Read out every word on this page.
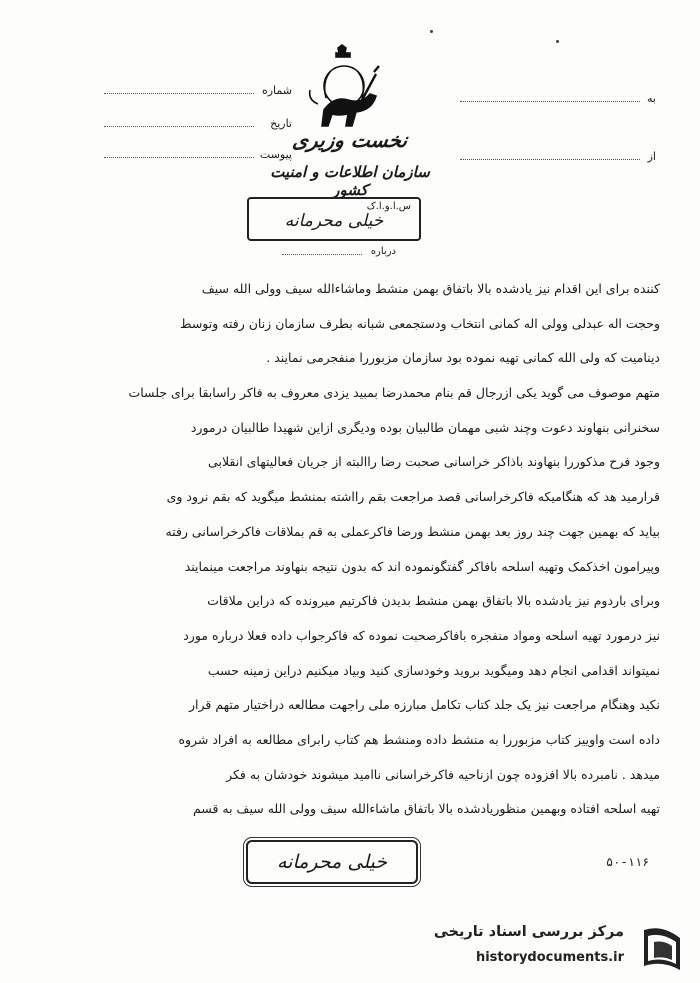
شماره
تاریخ
پیوست
به
از
نخست وزیری
سازمان اطلاعات و امنیت کشور
س.ا.و.ا.ک
خیلی محرمانه
درباره
کننده برای این اقدام نیز یادشده بالا باتفاق بهمن منشط وماشاءالله سیف وولی الله سیف
وحجت اله عبدلی وولی اله کمانی انتخاب ودستجمعی شبانه بطرف سازمان زنان رفته وتوسط
دینامیت که ولی الله کمانی تهیه نموده بود سازمان مزبوررا منفجرمی نمایند .
متهم موصوف می گوید یکی ازرجال قم بنام محمدرضا بمبید یزدی معروف به فاکر راسابقا برای جلسات
سخنرانی بنهاوند دعوت وچند شبی مهمان طالبیان بوده ودیگری ازاین شهیدا طالبیان درمورد
وجود فرح مذکوررا بنهاوند باذاکر خراسانی صحبت رضا راالبته از جریان فعالیتهای انقلابی
قرارمید هد که هنگامیکه فاکرخراسانی قصد مراجعت بقم رااشته بمنشط میگوید که بقم نرود وی
بیاید که بهمین جهت چند روز بعد بهمن منشط ورضا فاکرعملی به قم بملاقات فاکرخراسانی رفته
وپیرامون اخذکمک وتهیه اسلحه بافاکر گفتگونموده اند که بدون نتیجه بنهاوند مراجعت مینمایند
وبرای باردوم نیز یادشده بالا باتفاق بهمن منشط بدیدن فاکرتیم میرونده که دراین ملاقات
نیز درمورد تهیه اسلحه ومواد منفجره بافاکرصحبت نموده که فاکرجواب داده فعلا درباره مورد
نمیتواند اقدامی انجام دهد ومیگوید بروید وخودسازی کنید وبیاد میکنیم دراین زمینه حسب
نکید وهنگام مراجعت نیز یک جلد کتاب تکامل مبارزه ملی راجهت مطالعه دراختیار متهم قرار
داده است واوییز کتاب مزبوررا به منشط داده ومنشط هم کتاب رابرای مطالعه به افراد شروه
میدهد . نامبرده بالا افزوده چون ازناحیه فاکرخراسانی ناامید میشوند خودشان به فکر
تهیه اسلحه افتاده وبهمین منظوریادشده بالا باتفاق ماشاءالله سیف وولی الله سیف به قسم
خیلی محرمانه	۵۰-۱۱۶
مرکز بررسی اسناد تاریخی
historydocuments.ir
